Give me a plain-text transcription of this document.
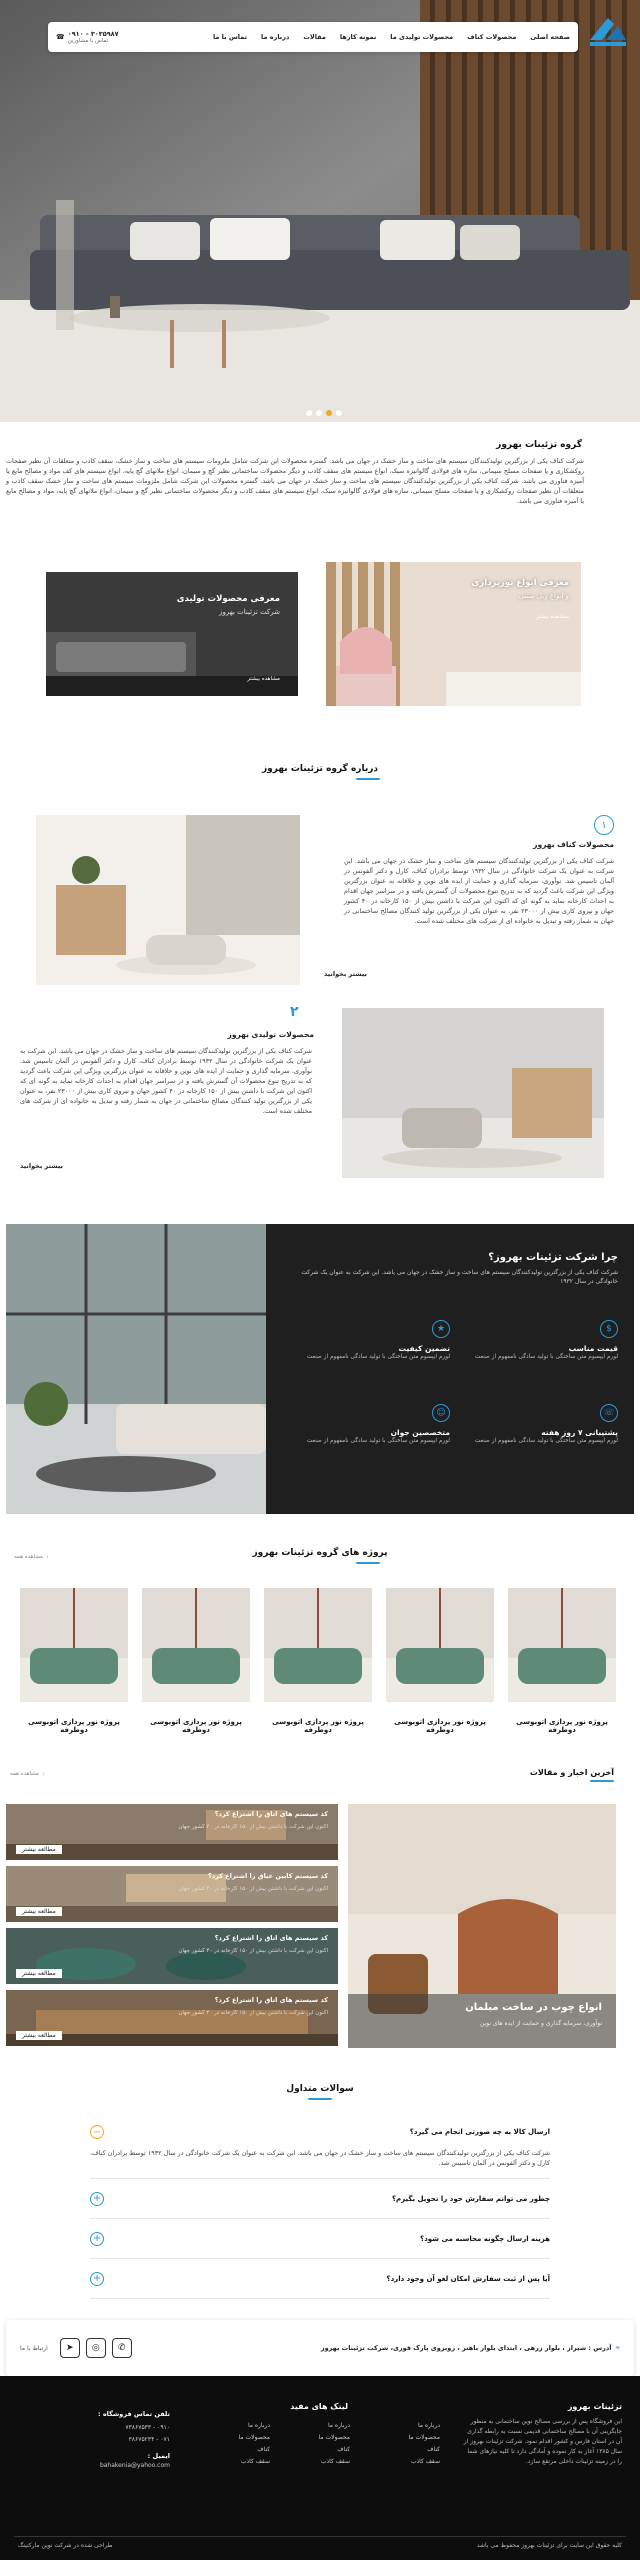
صفحه اصلی
محصولات کناف
محصولات تولیدی ما
نمونه کارها
مقالات
درباره ما
تماس با ما
☎ ۰۹۱۰ - ۳۰۳۵۹۸۷
تماس با مشاورین
گروه تزئینات بهروز
شرکت کناف یکی از بزرگترین تولیدکنندگان سیستم های ساخت و ساز خشک در جهان می باشد. گستره محصولات این شرکت شامل ملزومات سیستم های ساخت و ساز خشک، سقف کاذب و متعلقات آن نظیر صفحات روکشکاری و یا صفحات مسلح سیمانی، سازه های فولادی گالوانیزه سبک، انواع سیستم های سقف کاذب و دیگر محصولات ساختمانی نظیر گچ و سیمان، انواع ملاتهای گچ پایه، انواع سیستم های کف مواد و مصالح مایع یا آمیزه فناوری می باشد. شرکت کناف یکی از بزرگترین تولیدکنندگان سیستم های ساخت و ساز خشک در جهان می باشد. گستره محصولات این شرکت شامل ملزومات سیستم های ساخت و ساز خشک سقف کاذب و متعلقات آن نظیر صفحات روکشکاری و یا صفحات مسلح سیمانی، سازه های فولادی گالوانیزه سبک، انواع سیستم های سقف کاذب و دیگر محصولات ساختمانی نظیر گچ و سیمان، انواع ملاتهای گچ پایه، مواد و مصالح مایع یا آمیزه فناوری می باشد.
معرفی انواع نورپردازی
و انواع ریل سنتی
مشاهده بیشتر
معرفی محصولات تولیدی
شرکت تزئینات بهروز
مشاهده بیشتر
درباره گروه تزئینات بهروز
۱
محصولات کناف بهروز
شرکت کناف یکی از بزرگترین تولیدکنندگان سیستم های ساخت و ساز خشک در جهان می باشد. این شرکت به عنوان یک شرکت خانوادگی در سال ۱۹۳۲ توسط برادران کناف، کارل و دکتر آلفونس در آلمان تاسیس شد. نوآوری، سرمایه گذاری و حمایت از ایده های نوین و خلاقانه به عنوان بزرگترین ویژگی این شرکت باعث گردید که به تدریج تنوع محصولات آن گسترش یافته و در سراسر جهان اقدام به احداث کارخانه نماید به گونه ای که اکنون این شرکت با داشتن بیش از ۱۵۰ کارخانه در ۴۰ کشور جهان و نیروی کاری بیش از ۲۳۰۰۰ نفر، به عنوان یکی از بزرگترین تولید کنندگان مصالح ساختمانی در جهان به شمار رفته و تبدیل به خانواده ای از شرکت های مختلف شده است.
بیشتر بخوانید
۲
محصولات تولیدی بهروز
شرکت کناف یکی از بزرگترین تولیدکنندگان سیستم های ساخت و ساز خشک در جهان می باشد. این شرکت به عنوان یک شرکت خانوادگی در سال ۱۹۳۲ توسط برادران کناف، کارل و دکتر آلفونس در آلمان تاسیس شد. نوآوری، سرمایه گذاری و حمایت از ایده های نوین و خلاقانه به عنوان بزرگترین ویژگی این شرکت باعث گردید که به تدریج تنوع محصولات آن گسترش یافته و در سراسر جهان اقدام به احداث کارخانه نماید به گونه ای که اکنون این شرکت با داشتن بیش از ۱۵۰ کارخانه در ۴۰ کشور جهان و نیروی کاری بیش از ۲۳۰۰۰ نفر، به عنوان یکی از بزرگترین تولید کنندگان مصالح ساختمانی در جهان به شمار رفته و تبدیل به خانواده ای از شرکت های مختلف شده است.
بیشتر بخوانید
چرا شرکت تزئینات بهروز؟
شرکت کناف یکی از بزرگترین تولیدکنندگان سیستم های ساخت و ساز خشک در جهان می باشد. این شرکت به عنوان یک شرکت خانوادگی در سال ۱۹۳۲
$
قیمت مناسب
لورم ایپسوم متن ساختگی با تولید سادگی نامفهوم از صنعت
★
تضمین کیفیت
لورم ایپسوم متن ساختگی با تولید سادگی نامفهوم از صنعت
☏
پشتیبانی ۷ روز هفته
لورم ایپسوم متن ساختگی با تولید سادگی نامفهوم از صنعت
☺
متخصصین جوان
لورم ایپسوم متن ساختگی با تولید سادگی نامفهوم از صنعت
پروژه های گروه تزئینات بهروز
‹
مشاهده همه
پروژه نور پردازی اتوبوسی دوطرفه
پروژه نور پردازی اتوبوسی دوطرفه
پروژه نور پردازی اتوبوسی دوطرفه
پروژه نور پردازی اتوبوسی دوطرفه
پروژه نور پردازی اتوبوسی دوطرفه
آخرین اخبار و مقالات
‹
مشاهده همه
انواع چوب در ساخت مبلمان
نوآوری، سرمایه گذاری و حمایت از ایده های نوین
کد سیستم های اتاق را اشتراع کرد؟
اکنون این شرکت با داشتن بیش از ۱۵۰ کارخانه در ۴۰ کشور جهان
مطالعه بیشتر
کد سیستم کابین عیاق را اشتراع کرد؟
اکنون این شرکت با داشتن بیش از ۱۵۰ کارخانه در ۴۰ کشور جهان
مطالعه بیشتر
کد سیستم های اتاق را اشتراع کرد؟
اکنون این شرکت با داشتن بیش از ۱۵۰ کارخانه در ۴۰ کشور جهان
مطالعه بیشتر
کد سیستم های اتاق را اشتراع کرد؟
اکنون این شرکت با داشتن بیش از ۱۵۰ کارخانه در ۴۰ کشور جهان
مطالعه بیشتر
سوالات متداول
ارسال کالا به چه صورتی انجام می گیرد؟
−
شرکت کناف یکی از بزرگترین تولیدکنندگان سیستم های ساخت و ساز خشک در جهان می باشد. این شرکت به عنوان یک شرکت خانوادگی در سال ۱۹۳۲ توسط برادران کناف، کارل و دکتر آلفونس در آلمان تاسیس شد.
چطور می توانم سفارش خود را تحویل بگیرم؟
+
هزینه ارسال چگونه محاسبه می شود؟
+
آیا پس از ثبت سفارش امکان لغو آن وجود دارد؟
+
⌖
آدرس : شیراز ، بلوار زرهی ، ابتدای بلوار باهنر ، روبروی پارک قوری، شرکت تزئینات بهروز
✆
◎
➤
ارتباط با ما
تزئینات بهروز
این فروشگاه پس از بررسی مصالح نوین ساختمانی به منظور جایگزینی آن با مصالح ساختمانی قدیمی نسبت به رابطه گذاری آن در استان فارس و کشور اقدام نمود. شرکت تزئینات بهروز از سال ۱۳۸۵ آغاز به کار نموده و آمادگی دارد تا کلیه نیازهای شما را در زمینه تزئینات داخلی مرتفع سازد.
درباره ما
محصولات ما
کناف
سقف کاذب
لینک های مفید
درباره ما
محصولات ما
کناف
سقف کاذب
درباره ما
محصولات ما
کناف
سقف کاذب
تلفن تماس فروشگاه :
۰۹۱۰ - ۷۳۸۶۷۵۳۳
۰۷۱ - ۳۸۶۷۵۲۳۴
ایمیل :
bahakenia@yahoo.com
کلیه حقوق این سایت برای تزئینات بهروز محفوظ می باشد
طراحی شده در شرکت نوین مارکتینگ
